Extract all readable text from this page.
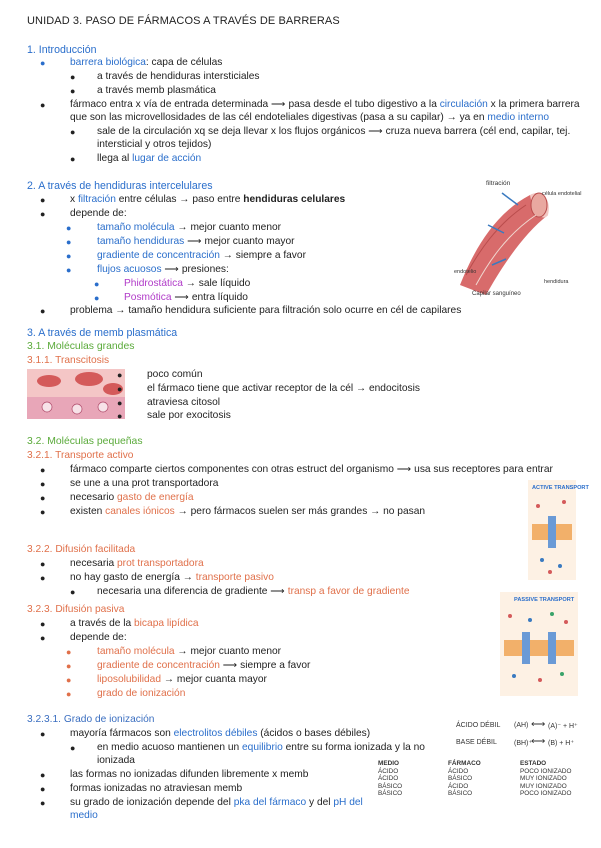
UNIDAD 3. PASO DE FÁRMACOS A TRAVÉS DE BARRERAS
1. Introducción
● barrera biológica: capa de células
● a través de hendiduras intersticiales
● a través memb plasmática
● fármaco entra x vía de entrada determinada ⟶ pasa desde el tubo digestivo a la circulación x la primera barrera
que son las microvellosidades de las cél endoteliales digestivas (pasa a su capilar) → ya en medio interno
● sale de la circulación xq se deja llevar x los flujos orgánicos ⟶ cruza nueva barrera (cél end, capilar, tej.
intersticial y otros tejidos)
● llega al lugar de acción
2. A través de hendiduras intercelulares
● x filtración entre células → paso entre hendiduras celulares
● depende de:
●	tamaño molécula → mejor cuanto menor
●	tamaño hendiduras ⟶ mejor cuanto mayor
●	gradiente de concentración → siempre a favor
●	flujos acuosos ⟶ presiones:
● Phidrostática → sale líquido
● Posmótica ⟶ entra líquido
● problema → tamaño hendidura suficiente para filtración solo ocurre en cél de capilares
filtración
célula endotelial
endotelio
hendidura
Capilar sanguíneo
3. A través de memb plasmática
3.1. Moléculas grandes
3.1.1. Transcitosis
● poco común
● el fármaco tiene que activar receptor de la cél → endocitosis
● atraviesa citosol
● sale por exocitosis
3.2. Moléculas pequeñas
3.2.1. Transporte activo
● fármaco comparte ciertos componentes con otras estruct del organismo ⟶ usa sus receptores para entrar
● se une a una prot transportadora
● necesario gasto de energía
● existen canales iónicos → pero fármacos suelen ser más grandes → no pasan
ACTIVE TRANSPORT
3.2.2. Difusión facilitada
● necesaria prot transportadora
● no hay gasto de energía → transporte pasivo
● necesaria una diferencia de gradiente ⟶ transp a favor de gradiente
PASSIVE TRANSPORT
3.2.3. Difusión pasiva
● a través de la bicapa lipídica
● depende de:
●	tamaño molécula → mejor cuanto menor
●	gradiente de concentración ⟶ siempre a favor
●	liposolubilidad → mejor cuanta mayor
●	grado de ionización
3.2.3.1. Grado de ionización
● mayoría fármacos son electrolitos débiles (ácidos o bases débiles)
● en medio acuoso mantienen un equilibrio entre su forma ionizada y la no
ionizada
● las formas no ionizadas difunden libremente x memb
● formas ionizadas no atraviesan memb
● su grado de ionización depende del pka del fármaco y del pH del
medio
ÁCIDO DÉBIL (AH) ⟷ (A)⁻ + H⁺
BASE DÉBIL (BH)⁺
⟷ (B) + H⁺
MEDIO	FÁRMACO	ESTADO
ÁCIDO	ÁCIDO	POCO IONIZADO
ÁCIDO	BÁSICO	MUY IONIZADO
BÁSICO	ÁCIDO	MUY IONIZADO
BÁSICO	BÁSICO	POCO IONIZADO
